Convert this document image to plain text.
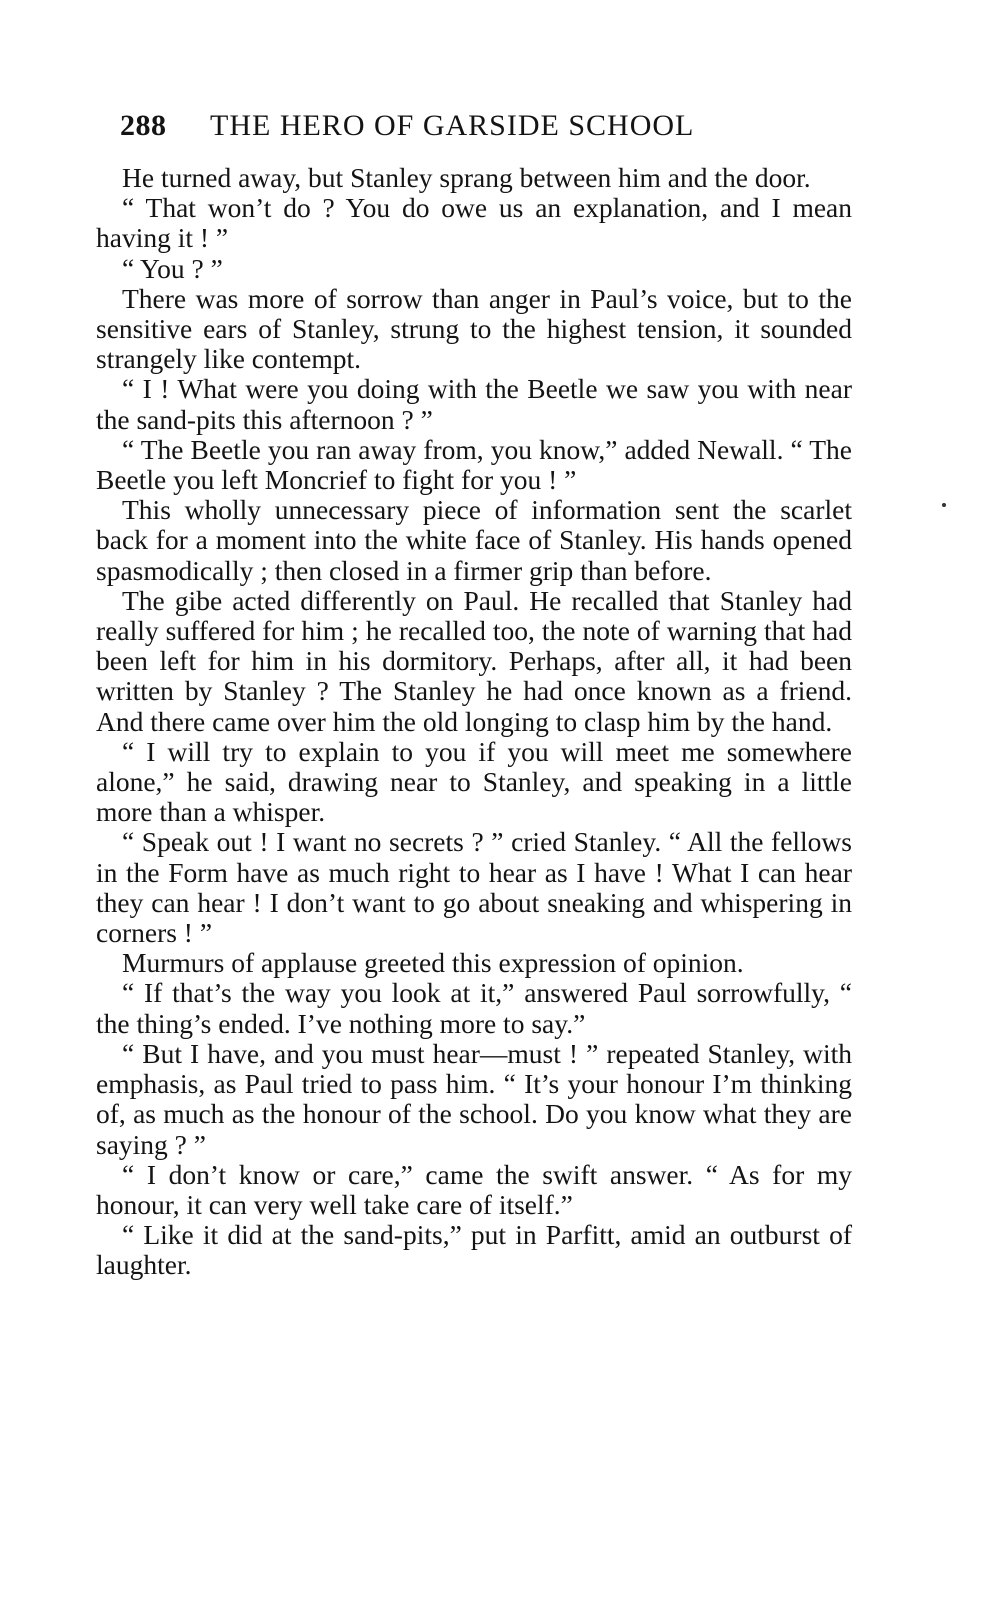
288 THE HERO OF GARSIDE SCHOOL

He turned away, but Stanley sprang between him and the door.

“ That won’t do ? You do owe us an explanation, and I mean having it ! ”

“ You ? ”

There was more of sorrow than anger in Paul’s voice, but to the sensitive ears of Stanley, strung to the highest tension, it sounded strangely like contempt.

“ I ! What were you doing with the Beetle we saw you with near the sand-pits this afternoon ? ”

“ The Beetle you ran away from, you know,” added Newall. “ The Beetle you left Moncrief to fight for you ! ”

This wholly unnecessary piece of information sent the scarlet back for a moment into the white face of Stanley. His hands opened spasmodically ; then closed in a firmer grip than before.

The gibe acted differently on Paul. He recalled that Stanley had really suffered for him ; he recalled too, the note of warning that had been left for him in his dormitory. Perhaps, after all, it had been written by Stanley ? The Stanley he had once known as a friend. And there came over him the old longing to clasp him by the hand.

“ I will try to explain to you if you will meet me somewhere alone,” he said, drawing near to Stanley, and speaking in a little more than a whisper.

“ Speak out ! I want no secrets ? ” cried Stanley. “ All the fellows in the Form have as much right to hear as I have ! What I can hear they can hear ! I don’t want to go about sneaking and whispering in corners ! ”

Murmurs of applause greeted this expression of opinion.

“ If that’s the way you look at it,” answered Paul sorrowfully, “ the thing’s ended. I’ve nothing more to say.”

“ But I have, and you must hear—must ! ” repeated Stanley, with emphasis, as Paul tried to pass him. “ It’s your honour I’m thinking of, as much as the honour of the school. Do you know what they are saying ? ”

“ I don’t know or care,” came the swift answer. “ As for my honour, it can very well take care of itself.”

“ Like it did at the sand-pits,” put in Parfitt, amid an outburst of laughter.
